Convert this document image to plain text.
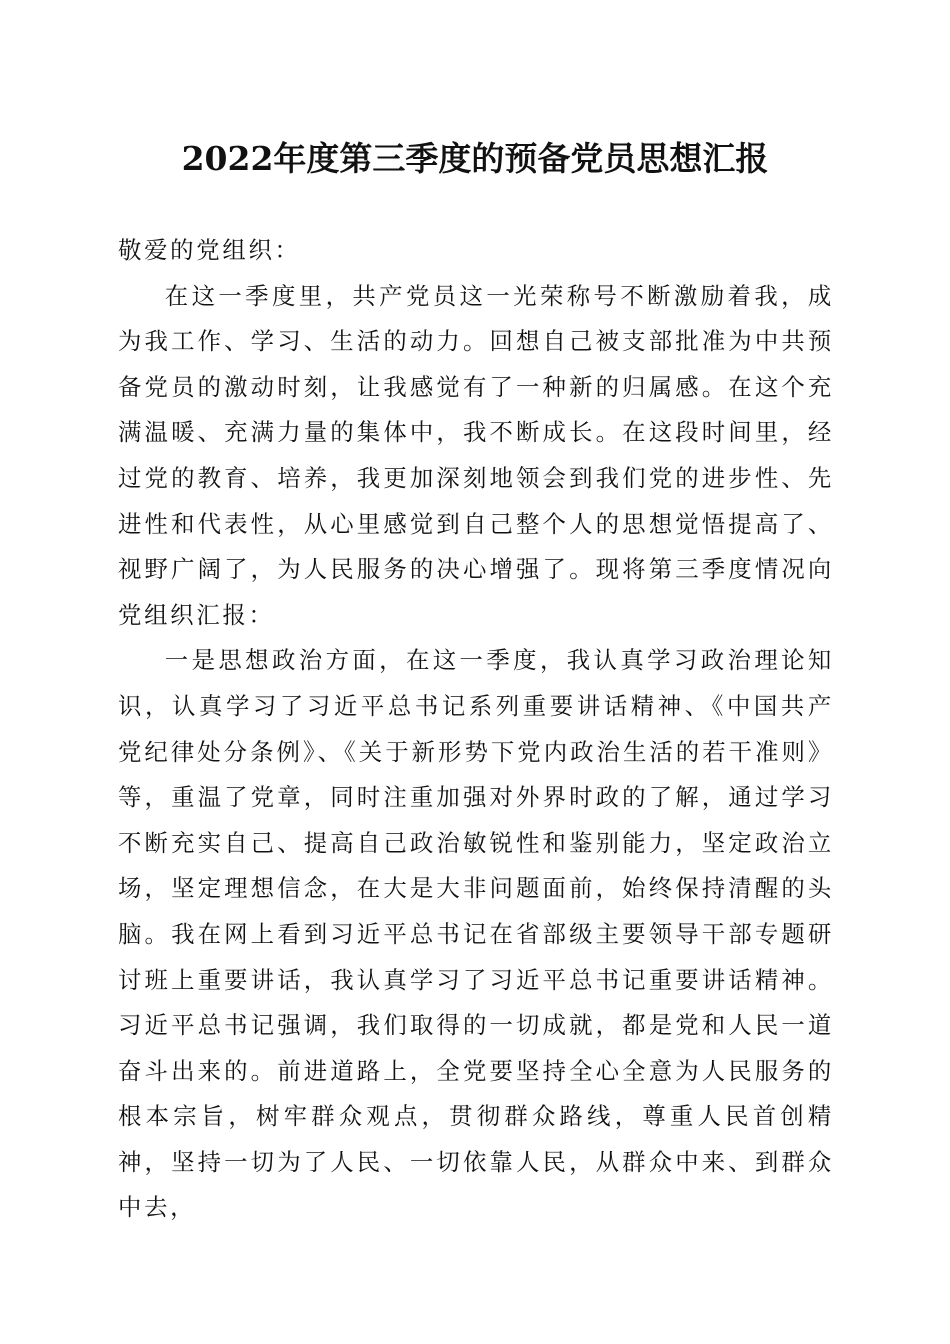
2022年度第三季度的预备党员思想汇报

敬爱的党组织：

在这一季度里，共产党员这一光荣称号不断激励着我，成为我工作、学习、生活的动力。回想自己被支部批准为中共预备党员的激动时刻，让我感觉有了一种新的归属感。在这个充满温暖、充满力量的集体中，我不断成长。在这段时间里，经过党的教育、培养，我更加深刻地领会到我们党的进步性、先进性和代表性，从心里感觉到自己整个人的思想觉悟提高了、视野广阔了，为人民服务的决心增强了。现将第三季度情况向党组织汇报：

一是思想政治方面，在这一季度，我认真学习政治理论知识，认真学习了习近平总书记系列重要讲话精神、《中国共产党纪律处分条例》、《关于新形势下党内政治生活的若干准则》等，重温了党章，同时注重加强对外界时政的了解，通过学习不断充实自己、提高自己政治敏锐性和鉴别能力，坚定政治立场，坚定理想信念，在大是大非问题面前，始终保持清醒的头脑。我在网上看到习近平总书记在省部级主要领导干部专题研讨班上重要讲话，我认真学习了习近平总书记重要讲话精神。习近平总书记强调，我们取得的一切成就，都是党和人民一道奋斗出来的。前进道路上，全党要坚持全心全意为人民服务的根本宗旨，树牢群众观点，贯彻群众路线，尊重人民首创精神，坚持一切为了人民、一切依靠人民，从群众中来、到群众中去，
